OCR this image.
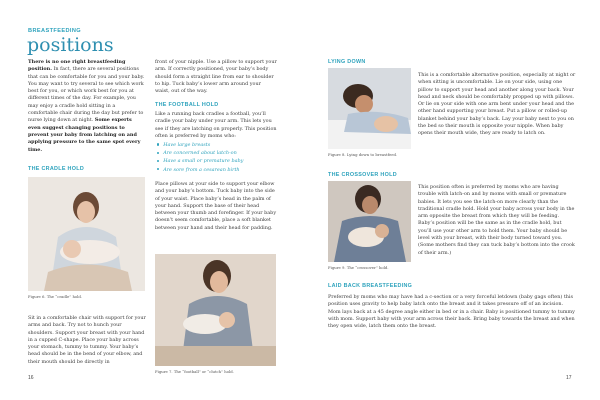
BREASTFEEDING
positions
There is no one right breastfeeding position. In fact, there are several positions that can be comfortable for you and your baby. You may want to try several to see which work best for you, or which work best for you at different times of the day. For example, you may enjoy a cradle hold sitting in a comfortable chair during the day but prefer to nurse lying down at night. Some experts even suggest changing positions to prevent your baby from latching on and applying pressure to the same spot every time.
THE CRADLE HOLD
Figure 6. The “cradle” hold.
Sit in a comfortable chair with support for your arms and back. Try not to hunch your shoulders. Support your breast with your hand in a cupped C-shape. Place your baby across your stomach, tummy to tummy. Your baby’s head should be in the bend of your elbow, and their mouth should be directly in
16
front of your nipple. Use a pillow to support your arm. If correctly positioned, your baby’s body should form a straight line from ear to shoulder to hip. Tuck baby’s lower arm around your waist, out of the way.
THE FOOTBALL HOLD
Like a running back cradles a football, you’ll cradle your baby under your arm. This lets you see if they are latching on properly. This position often is preferred by moms who:
Have large breasts
Are concerned about latch-on
Have a small or premature baby
Are sore from a cesarean birth
Place pillows at your side to support your elbow and your baby’s bottom. Tuck baby into the side of your waist. Place baby’s head in the palm of your hand. Support the base of their head between your thumb and forefinger. If your baby doesn’t seem comfortable, place a soft blanket between your hand and their head for padding.
Figure 7. The “football” or “clutch” hold.
LYING DOWN
Figure 8. Lying down to breastfeed.
This is a comfortable alternative position, especially at night or when sitting is uncomfortable. Lie on your side, using one pillow to support your head and another along your back. Your head and neck should be comfortably propped up with pillows. Or lie on your side with one arm bent under your head and the other hand supporting your breast. Put a pillow or rolled-up blanket behind your baby’s back. Lay your baby next to you on the bed so their mouth is opposite your nipple. When baby opens their mouth wide, they are ready to latch on.
THE CROSSOVER HOLD
Figure 9. The “crossover” hold.
This position often is preferred by moms who are having trouble with latch-on and by moms with small or premature babies. It lets you see the latch-on more clearly than the traditional cradle hold. Hold your baby across your body in the arm opposite the breast from which they will be feeding. Baby’s position will be the same as in the cradle hold, but you’ll use your other arm to hold them. Your baby should be level with your breast, with their body turned toward you. (Some mothers find they can tuck baby’s bottom into the crook of their arm.)
LAID BACK BREASTFEEDING
Preferred by moms who may have had a c-section or a very forceful letdown (baby gags often) this position uses gravity to help baby latch onto the breast and it takes pressure off of an incision. Mom lays back at a 45 degree angle either in bed or in a chair. Baby is positioned tummy to tummy with mom. Support baby with your arm across their back. Bring baby towards the breast and when they open wide, latch them onto the breast.
17
